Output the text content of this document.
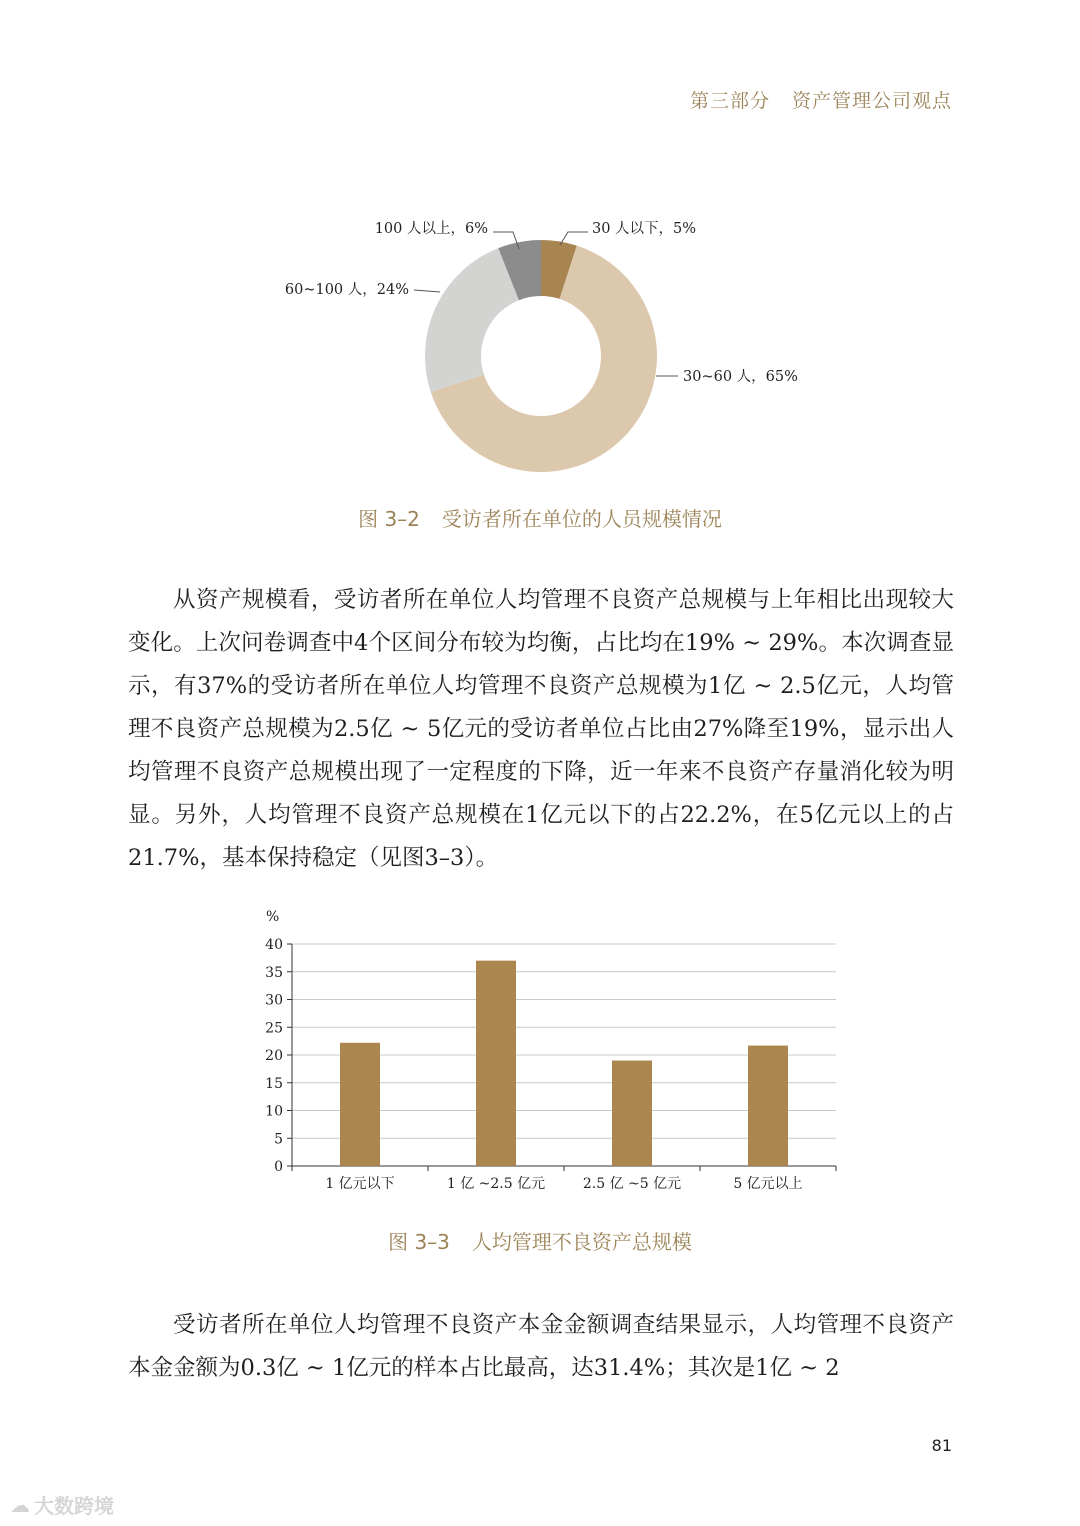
第三部分 资产管理公司观点
30 人以下，5%
30~60 人，65%
60~100 人，24%
100 人以上，6%
图 3–2 受访者所在单位的人员规模情况

从资产规模看，受访者所在单位人均管理不良资产总规模与上年相比出现较大变化。上次问卷调查中4个区间分布较为均衡，占比均在19% ~ 29%。本次调查显示，有37%的受访者所在单位人均管理不良资产总规模为1亿 ~ 2.5亿元，人均管理不良资产总规模为2.5亿 ~ 5亿元的受访者单位占比由27%降至19%，显示出人均管理不良资产总规模出现了一定程度的下降，近一年来不良资产存量消化较为明显。另外，人均管理不良资产总规模在1亿元以下的占22.2%，在5亿元以上的占21.7%，基本保持稳定（见图3–3）。

%
0
5
10
15
20
25
30
35
40
1 亿元以下	1 亿 ~2.5 亿元	2.5 亿 ~5 亿元	5 亿元以上
图 3–3 人均管理不良资产总规模

受访者所在单位人均管理不良资产本金金额调查结果显示，人均管理不良资产本金金额为0.3亿 ~ 1亿元的样本占比最高，达31.4%；其次是1亿 ~ 2

81
☁ 大数跨境
